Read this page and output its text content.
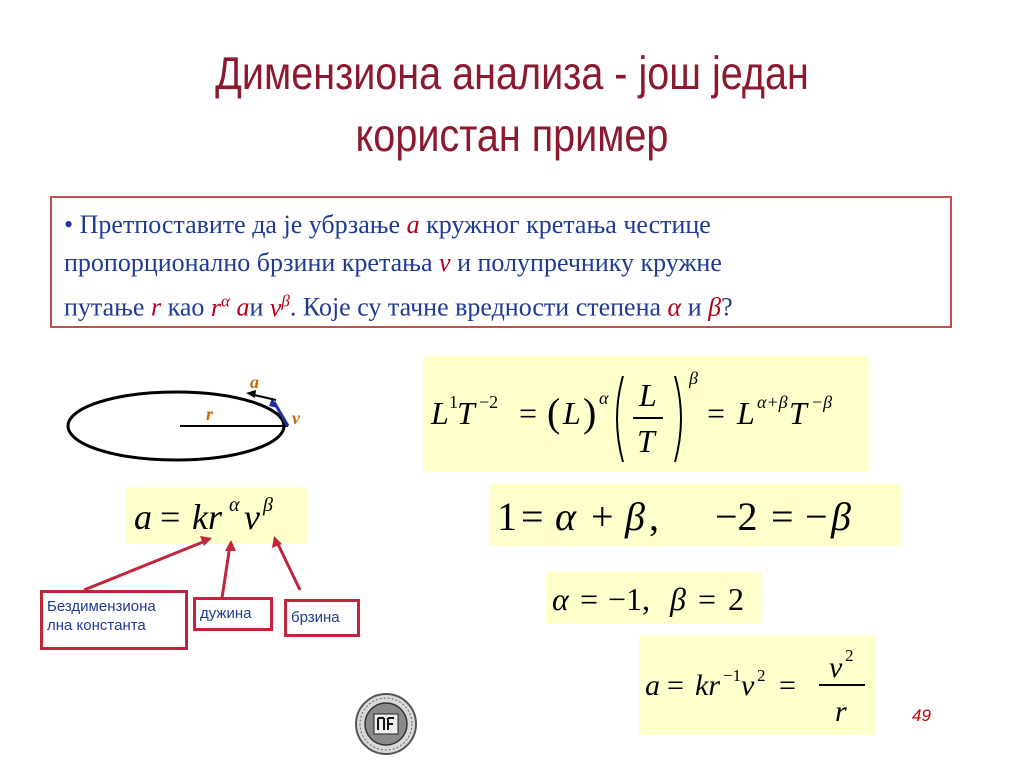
Димензиона анализа - још један
користан пример
• Претпоставите да је убрзање a кружног кретања честице
пропорционално брзини кретања v и полупречнику кружне
путање r као $r^\alpha$ aи $v^\beta$. Које су тачне вредности степена α и β?
a
r	v
a = kr α v β
Бездимензиона лна константа
дужина	брзина
L 1 T −2 = ( L ) α L
T
β
= L α+β T −β
1 = α + β , −2 = − β
α = −1, β = 2
a = kr −1 v 2 =
v 2
r	49
